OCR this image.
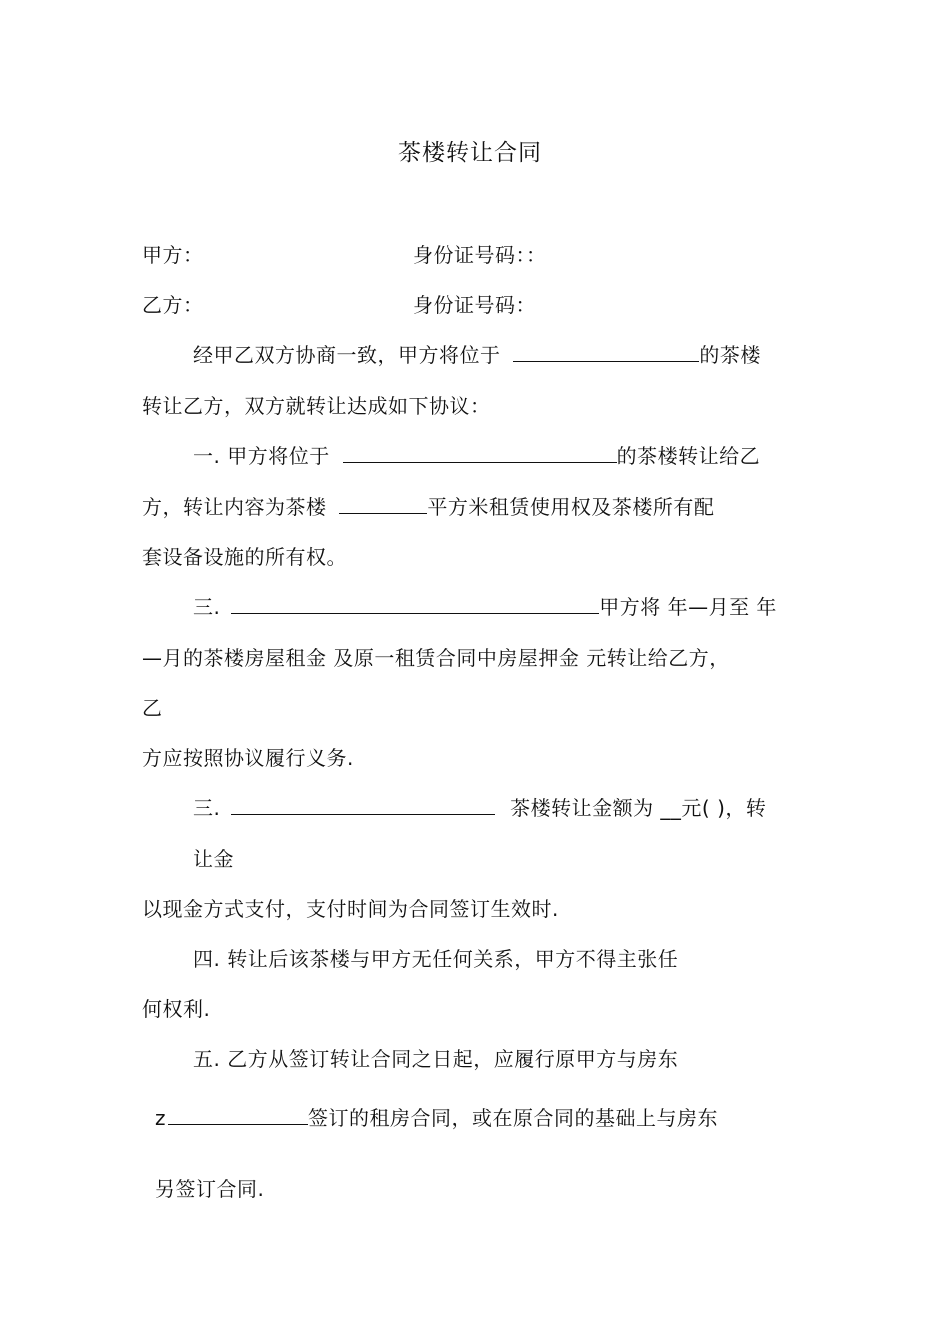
茶楼转让合同
甲方：	身份证号码：：
乙方：	身份证号码：
经甲乙双方协商一致，甲方将位于	的茶楼
转让乙方，双方就转让达成如下协议：
一. 甲方将位于	的茶楼转让给乙
方，转让内容为茶楼	平方米租赁使用权及茶楼所有配
套设备设施的所有权。
三.	甲方将 年—月至 年
—月的茶楼房屋租金 及原一租赁合同中房屋押金 元转让给乙方，
乙
方应按照协议履行义务.
三.	茶楼转让金额为 __元( )，转
让金
以现金方式支付，支付时间为合同签订生效时.
四. 转让后该茶楼与甲方无任何关系，甲方不得主张任
何权利.
五. 乙方从签订转让合同之日起，应履行原甲方与房东
z	签订的租房合同，或在原合同的基础上与房东
另签订合同.
